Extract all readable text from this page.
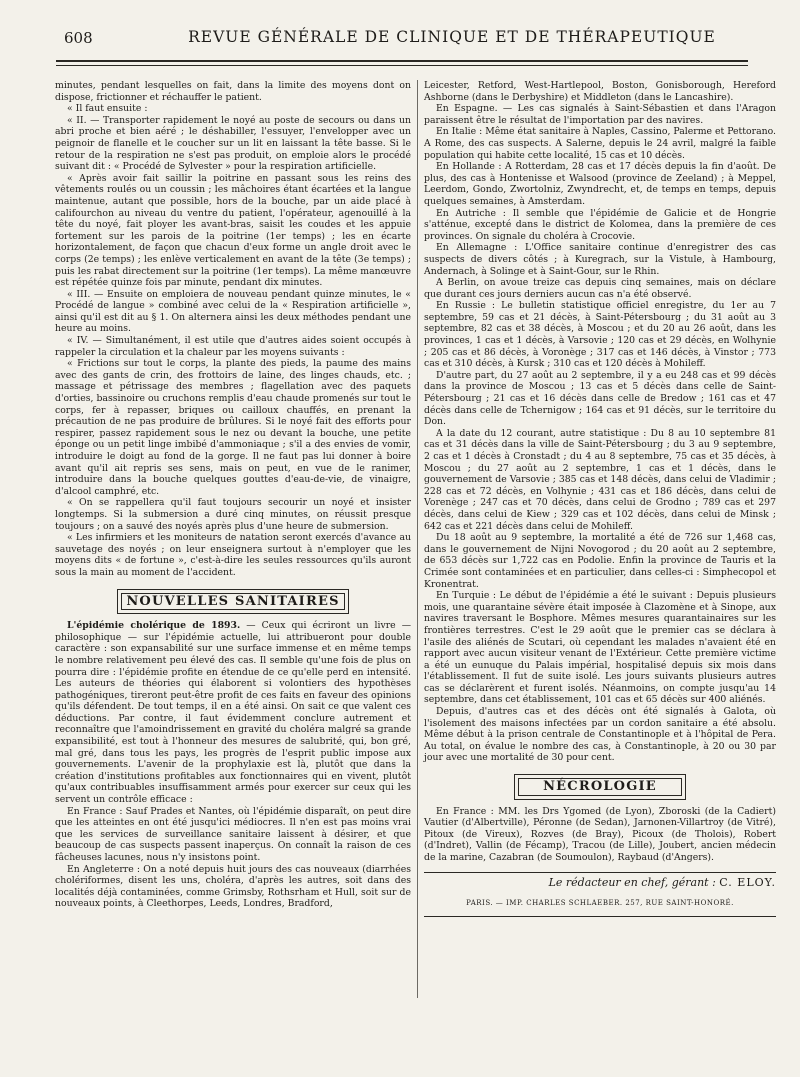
608	REVUE GÉNÉRALE DE CLINIQUE ET DE THÉRAPEUTIQUE

minutes, pendant lesquelles on fait, dans la limite des moyens dont on dispose, frictionner et réchauffer le patient.

« Il faut ensuite :

« II. — Transporter rapidement le noyé au poste de secours ou dans un abri proche et bien aéré ; le déshabiller, l'essuyer, l'envelopper avec un peignoir de flanelle et le coucher sur un lit en laissant la tête basse. Si le retour de la respiration ne s'est pas produit, on emploie alors le procédé suivant dit : « Procédé de Sylvester » pour la respiration artificielle.

« Après avoir fait saillir la poitrine en passant sous les reins des vêtements roulés ou un coussin ; les mâchoires étant écartées et la langue maintenue, autant que possible, hors de la bouche, par un aide placé à califourchon au niveau du ventre du patient, l'opérateur, agenouillé à la tête du noyé, fait ployer les avant-bras, saisit les coudes et les appuie fortement sur les parois de la poitrine (1er temps) ; les en écarte horizontalement, de façon que chacun d'eux forme un angle droit avec le corps (2e temps) ; les enlève verticalement en avant de la tête (3e temps) ; puis les rabat directement sur la poitrine (1er temps). La même manœuvre est répétée quinze fois par minute, pendant dix minutes.

« III. — Ensuite on emploiera de nouveau pendant quinze minutes, le « Procédé de langue » combiné avec celui de la « Respiration artificielle », ainsi qu'il est dit au § 1. On alternera ainsi les deux méthodes pendant une heure au moins.

« IV. — Simultanément, il est utile que d'autres aides soient occupés à rappeler la circulation et la chaleur par les moyens suivants :

« Frictions sur tout le corps, la plante des pieds, la paume des mains avec des gants de crin, des frottoirs de laine, des linges chauds, etc. ; massage et pétrissage des membres ; flagellation avec des paquets d'orties, bassinoire ou cruchons remplis d'eau chaude promenés sur tout le corps, fer à repasser, briques ou cailloux chauffés, en prenant la précaution de ne pas produire de brûlures. Si le noyé fait des efforts pour respirer, passez rapidement sous le nez ou devant la bouche, une petite éponge ou un petit linge imbibé d'ammoniaque ; s'il a des envies de vomir, introduire le doigt au fond de la gorge. Il ne faut pas lui donner à boire avant qu'il ait repris ses sens, mais on peut, en vue de le ranimer, introduire dans la bouche quelques gouttes d'eau-de-vie, de vinaigre, d'alcool camphré, etc.

« On se rappellera qu'il faut toujours secourir un noyé et insister longtemps. Si la submersion a duré cinq minutes, on réussit presque toujours ; on a sauvé des noyés après plus d'une heure de submersion.

« Les infirmiers et les moniteurs de natation seront exercés d'avance au sauvetage des noyés ; on leur enseignera surtout à n'employer que les moyens dits « de fortune », c'est-à-dire les seules ressources qu'ils auront sous la main au moment de l'accident.

NOUVELLES SANITAIRES

L'épidémie cholérique de 1893. — Ceux qui écriront un livre — philosophique — sur l'épidémie actuelle, lui attribueront pour double caractère : son expansabilité sur une surface immense et en même temps le nombre relativement peu élevé des cas. Il semble qu'une fois de plus on pourra dire : l'épidémie profite en étendue de ce qu'elle perd en intensité. Les auteurs de théories qui élaborent si volontiers des hypothèses pathogéniques, tireront peut-être profit de ces faits en faveur des opinions qu'ils défendent. De tout temps, il en a été ainsi. On sait ce que valent ces déductions. Par contre, il faut évidemment conclure autrement et reconnaître que l'amoindrissement en gravité du choléra malgré sa grande expansibilité, est tout à l'honneur des mesures de salubrité, qui, bon gré, mal gré, dans tous les pays, les progrès de l'esprit public impose aux gouvernements. L'avenir de la prophylaxie est là, plutôt que dans la création d'institutions profitables aux fonctionnaires qui en vivent, plutôt qu'aux contribuables insuffisamment armés pour exercer sur ceux qui les servent un contrôle efficace :

En France : Sauf Prades et Nantes, où l'épidémie disparaît, on peut dire que les atteintes en ont été jusqu'ici médiocres. Il n'en est pas moins vrai que les services de surveillance sanitaire laissent à désirer, et que beaucoup de cas suspects passent inaperçus. On connaît la raison de ces fâcheuses lacunes, nous n'y insistons point.

En Angleterre : On a noté depuis huit jours des cas nouveaux (diarrhées cholériformes, disent les uns, choléra, d'après les autres, soit dans des localités déjà contaminées, comme Grimsby, Rothsrham et Hull, soit sur de nouveaux points, à Cleethorpes, Leeds, Londres, Bradford,

Leicester, Retford, West-Hartlepool, Boston, Gonisborough, Hereford Ashborne (dans le Derbyshire) et Middleton (dans le Lancashire).

En Espagne. — Les cas signalés à Saint-Sébastien et dans l'Aragon paraissent être le résultat de l'importation par des navires.

En Italie : Même état sanitaire à Naples, Cassino, Palerme et Pettorano. A Rome, des cas suspects. A Salerne, depuis le 24 avril, malgré la faible population qui habite cette localité, 15 cas et 10 décès.

En Hollande : A Rotterdam, 28 cas et 17 décès depuis la fin d'août. De plus, des cas à Hontenisse et Walsood (province de Zeeland) ; à Meppel, Leerdom, Gondo, Zwortolniz, Zwyndrecht, et, de temps en temps, depuis quelques semaines, à Amsterdam.

En Autriche : Il semble que l'épidémie de Galicie et de Hongrie s'atténue, excepté dans le district de Kolomea, dans la première de ces provinces. On signale du choléra à Crocovie.

En Allemagne : L'Office sanitaire continue d'enregistrer des cas suspects de divers côtés ; à Kuregrach, sur la Vistule, à Hambourg, Andernach, à Solinge et à Saint-Gour, sur le Rhin.

A Berlin, on avoue treize cas depuis cinq semaines, mais on déclare que durant ces jours derniers aucun cas n'a été observé.

En Russie : Le bulletin statistique officiel enregistre, du 1er au 7 septembre, 59 cas et 21 décès, à Saint-Pétersbourg ; du 31 août au 3 septembre, 82 cas et 38 décès, à Moscou ; et du 20 au 26 août, dans les provinces, 1 cas et 1 décès, à Varsovie ; 120 cas et 29 décès, en Wolhynie ; 205 cas et 86 décès, à Voronège ; 317 cas et 146 décès, à Vinstor ; 773 cas et 310 décès, à Kursk ; 310 cas et 120 décès à Mohileff.

D'autre part, du 27 août au 2 septembre, il y a eu 248 cas et 99 décès dans la province de Moscou ; 13 cas et 5 décès dans celle de Saint-Pétersbourg ; 21 cas et 16 décès dans celle de Bredow ; 161 cas et 47 décès dans celle de Tchernigow ; 164 cas et 91 décès, sur le territoire du Don.

A la date du 12 courant, autre statistique : Du 8 au 10 septembre 81 cas et 31 décès dans la ville de Saint-Pétersbourg ; du 3 au 9 septembre, 2 cas et 1 décès à Cronstadt ; du 4 au 8 septembre, 75 cas et 35 décès, à Moscou ; du 27 août au 2 septembre, 1 cas et 1 décès, dans le gouvernement de Varsovie ; 385 cas et 148 décès, dans celui de Vladimir ; 228 cas et 72 décès, en Volhynie ; 431 cas et 186 décès, dans celui de Vorenège ; 247 cas et 70 décès, dans celui de Grodno ; 789 cas et 297 décès, dans celui de Kiew ; 329 cas et 102 décès, dans celui de Minsk ; 642 cas et 221 décès dans celui de Mohileff.

Du 18 août au 9 septembre, la mortalité a été de 726 sur 1,468 cas, dans le gouvernement de Nijni Novogorod ; du 20 août au 2 septembre, de 653 décès sur 1,722 cas en Podolie. Enfin la province de Tauris et la Crimée sont contaminées et en particulier, dans celles-ci : Simphecopol et Kronentrat.

En Turquie : Le début de l'épidémie a été le suivant : Depuis plusieurs mois, une quarantaine sévère était imposée à Clazomène et à Sinope, aux navires traversant le Bosphore. Mêmes mesures quarantainaires sur les frontières terrestres. C'est le 29 août que le premier cas se déclara à l'asile des aliénés de Scutari, où cependant les malades n'avaient été en rapport avec aucun visiteur venant de l'Extérieur. Cette première victime a été un eunuque du Palais impérial, hospitalisé depuis six mois dans l'établissement. Il fut de suite isolé. Les jours suivants plusieurs autres cas se déclarèrent et furent isolés. Néanmoins, on compte jusqu'au 14 septembre, dans cet établissement, 101 cas et 65 décès sur 400 aliénés.

Depuis, d'autres cas et des décès ont été signalés à Galota, où l'isolement des maisons infectées par un cordon sanitaire a été absolu. Même début à la prison centrale de Constantinople et à l'hôpital de Pera. Au total, on évalue le nombre des cas, à Constantinople, à 20 ou 30 par jour avec une mortalité de 30 pour cent.

NÉCROLOGIE

En France : MM. les Drs Ygomed (de Lyon), Zboroski (de la Cadiert) Vautier (d'Albertville), Péronne (de Sedan), Jarnonen-Villartroy (de Vitré), Pitoux (de Vireux), Rozves (de Bray), Picoux (de Tholois), Robert (d'Indret), Vallin (de Fécamp), Tracou (de Lille), Joubert, ancien médecin de la marine, Cazabran (de Soumoulon), Raybaud (d'Angers).

Le rédacteur en chef, gérant : C. ELOY.
PARIS. — IMP. CHARLES SCHLAEBER. 257, RUE SAINT-HONORÉ.
